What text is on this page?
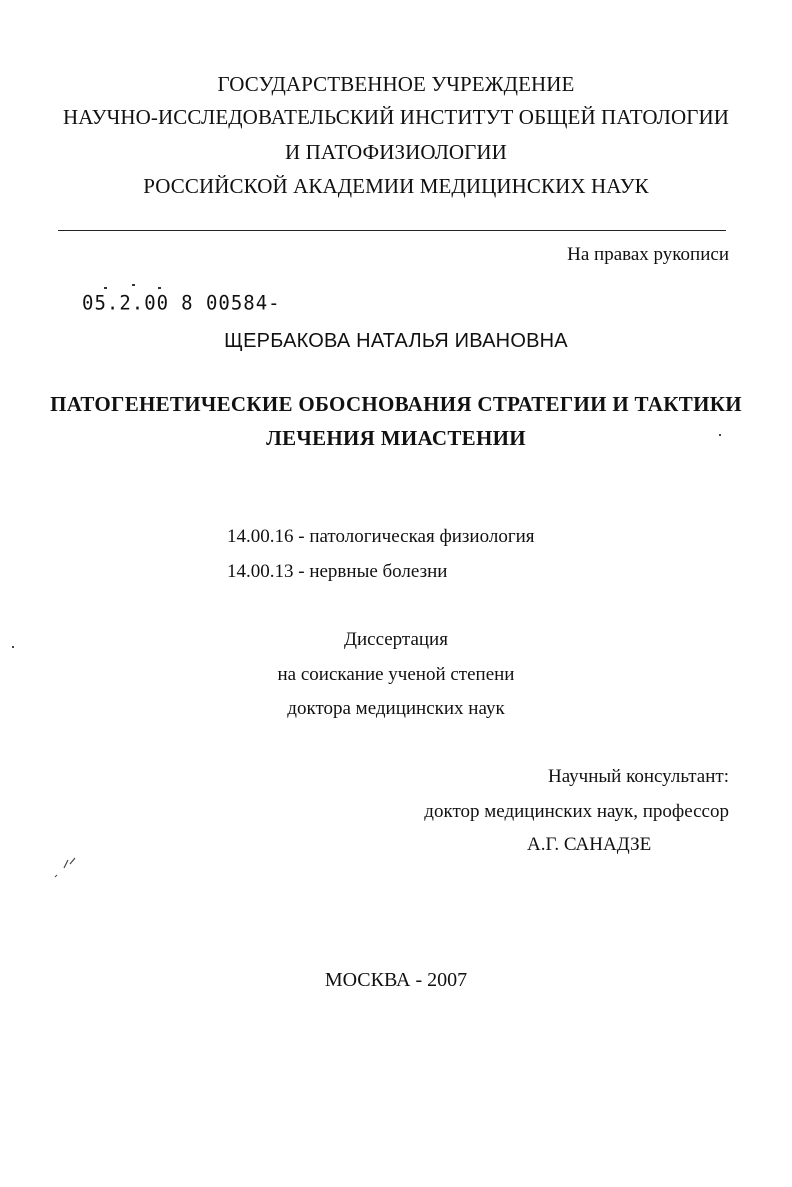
ГОСУДАРСТВЕННОЕ УЧРЕЖДЕНИЕ
НАУЧНО-ИССЛЕДОВАТЕЛЬСКИЙ ИНСТИТУТ ОБЩЕЙ ПАТОЛОГИИ
И ПАТОФИЗИОЛОГИИ
РОССИЙСКОЙ АКАДЕМИИ МЕДИЦИНСКИХ НАУК
На правах рукописи
05.2.00 8 00584-
ЩЕРБАКОВА НАТАЛЬЯ ИВАНОВНА
ПАТОГЕНЕТИЧЕСКИЕ ОБОСНОВАНИЯ СТРАТЕГИИ И ТАКТИКИ
ЛЕЧЕНИЯ МИАСТЕНИИ
14.00.16 - патологическая физиология
14.00.13 - нервные болезни
Диссертация
на соискание ученой степени
доктора медицинских наук
Научный консультант:
доктор медицинских наук, профессор
А.Г. САНАДЗЕ
МОСКВА - 2007
